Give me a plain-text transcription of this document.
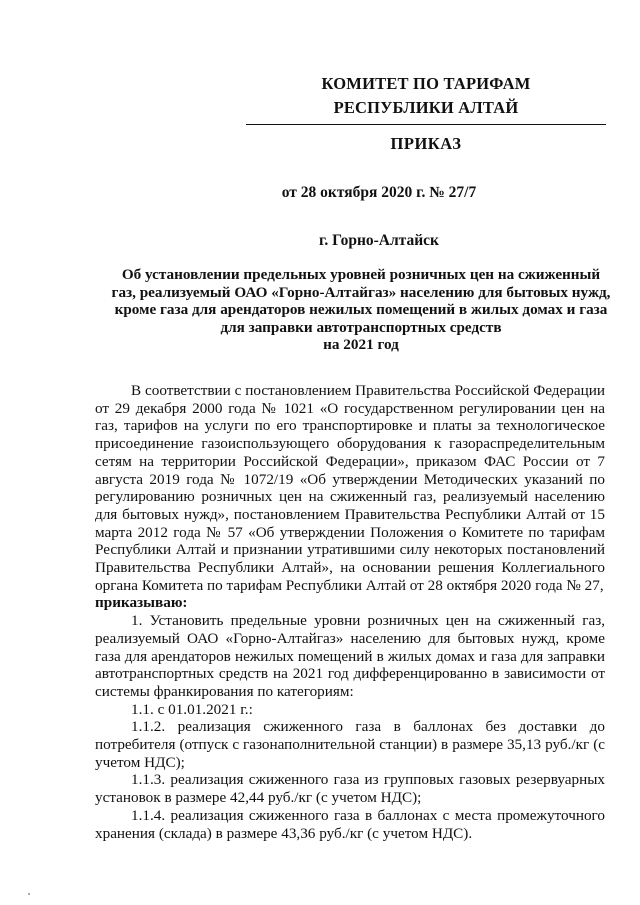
КОМИТЕТ ПО ТАРИФАМ
РЕСПУБЛИКИ АЛТАЙ
ПРИКАЗ
от 28 октября 2020 г. № 27/7
г. Горно-Алтайск

Об установлении предельных уровней розничных цен на сжиженный

газ, реализуемый ОАО «Горно-Алтайгаз» населению для бытовых нужд,

кроме газа для арендаторов нежилых помещений в жилых домах и газа

для заправки автотранспортных средств

на 2021 год

В соответствии с постановлением Правительства Российской Федерации от 29 декабря 2000 года № 1021 «О государственном регулировании цен на газ, тарифов на услуги по его транспортировке и платы за технологическое присоединение газоиспользующего оборудования к газораспределительным сетям на территории Российской Федерации», приказом ФАС России от 7 августа 2019 года № 1072/19 «Об утверждении Методических указаний по регулированию розничных цен на сжиженный газ, реализуемый населению для бытовых нужд», постановлением Правительства Республики Алтай от 15 марта 2012 года № 57 «Об утверждении Положения о Комитете по тарифам Республики Алтай и признании утратившими силу некоторых постановлений Правительства Республики Алтай», на основании решения Коллегиального органа Комитета по тарифам Республики Алтай от 28 октября 2020 года № 27,

приказываю:

1. Установить предельные уровни розничных цен на сжиженный газ, реализуемый ОАО «Горно-Алтайгаз» населению для бытовых нужд, кроме газа для арендаторов нежилых помещений в жилых домах и газа для заправки автотранспортных средств на 2021 год дифференцированно в зависимости от системы франкирования по категориям:

1.1. с 01.01.2021 г.:

1.1.2. реализация сжиженного газа в баллонах без доставки до потребителя (отпуск с газонаполнительной станции) в размере 35,13 руб./кг (с учетом НДС);

1.1.3. реализация сжиженного газа из групповых газовых резервуарных установок в размере 42,44 руб./кг (с учетом НДС);

1.1.4. реализация сжиженного газа в баллонах с места промежуточного хранения (склада) в размере 43,36 руб./кг (с учетом НДС).
